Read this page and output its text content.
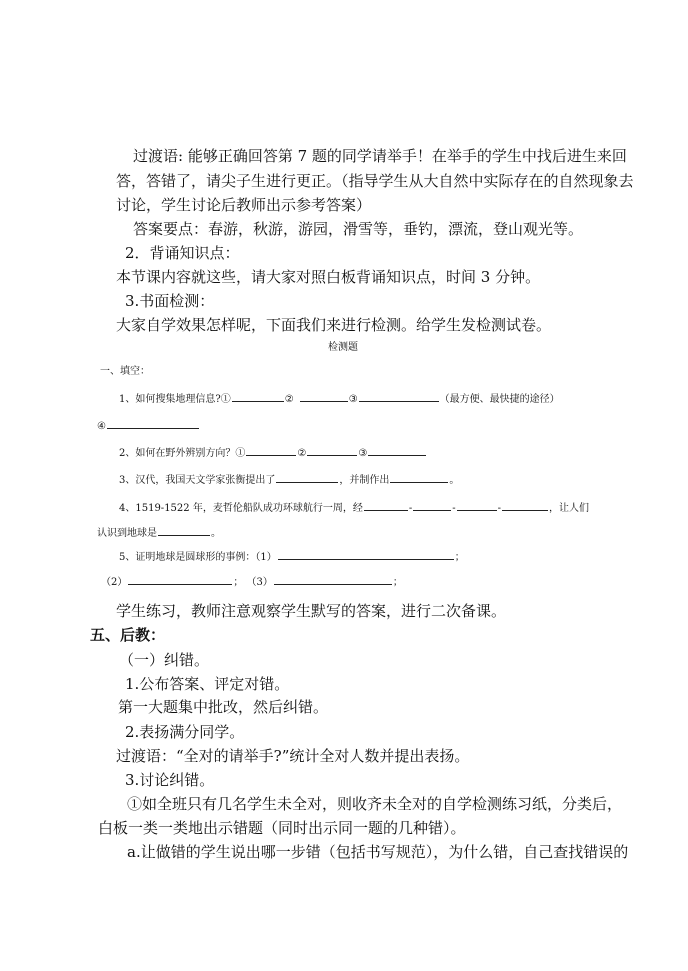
过渡语: 能够正确回答第 7 题的同学请举手！在举手的学生中找后进生来回
答，答错了，请尖子生进行更正。（指导学生从大自然中实际存在的自然现象去
讨论，学生讨论后教师出示参考答案）
答案要点：春游，秋游，游园，滑雪等，垂钓，漂流，登山观光等。
2．背诵知识点：
本节课内容就这些，请大家对照白板背诵知识点，时间 3 分钟。
3.书面检测：
大家自学效果怎样呢，下面我们来进行检测。给学生发检测试卷。
检测题
一、填空：
1、如何搜集地理信息?①	②	③	（最方便、最快捷的途径）
④
2、如何在野外辨别方向？①	②	③
3、汉代，我国天文学家张衡提出了	，并制作出	。
4、1519-1522 年，麦哲伦船队成功环球航行一周，经	-	-	-	，让人们
认识到地球是	。
5、证明地球是圆球形的事例：（1）	；
（2）	； （3）	；
学生练习，教师注意观察学生默写的答案，进行二次备课。
五、后教：
（一）纠错。
1.公布答案、评定对错。
第一大题集中批改，然后纠错。
2.表扬满分同学。
过渡语：“全对的请举手?”统计全对人数并提出表扬。
3.讨论纠错。
①如全班只有几名学生未全对，则收齐未全对的自学检测练习纸，分类后，
白板一类一类地出示错题（同时出示同一题的几种错）。
a.让做错的学生说出哪一步错（包括书写规范），为什么错，自己查找错误的
